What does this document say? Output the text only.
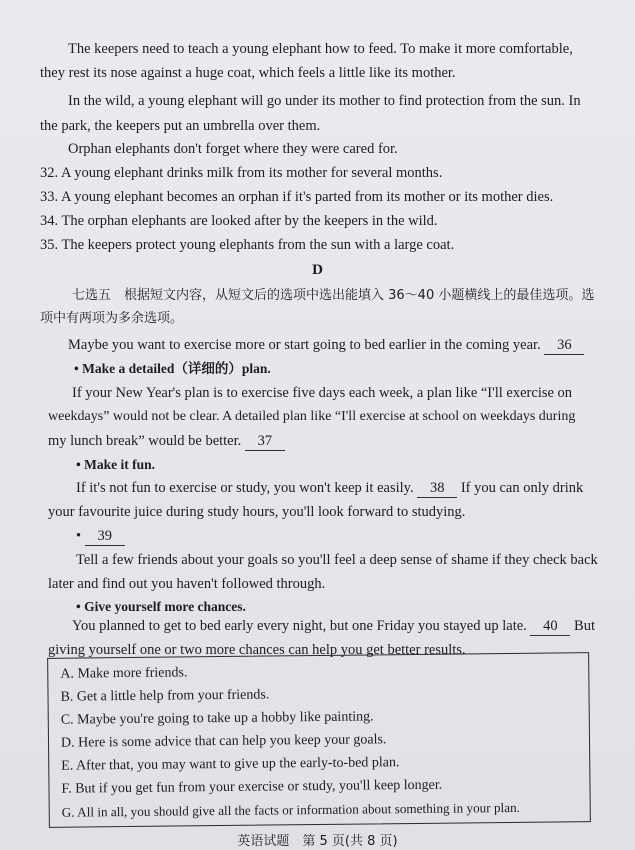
The keepers need to teach a young elephant how to feed. To make it more comfortable,
they rest its nose against a huge coat, which feels a little like its mother.
In the wild, a young elephant will go under its mother to find protection from the sun. In
the park, the keepers put an umbrella over them.
Orphan elephants don't forget where they were cared for.
32. A young elephant drinks milk from its mother for several months.
33. A young elephant becomes an orphan if it's parted from its mother or its mother dies.
34. The orphan elephants are looked after by the keepers in the wild.
35. The keepers protect young elephants from the sun with a large coat.
D
七选五　根据短文内容，从短文后的选项中选出能填入 36～40 小题横线上的最佳选项。选
项中有两项为多余选项。
Maybe you want to exercise more or start going to bed earlier in the coming year. 36
• Make a detailed（详细的）plan.
If your New Year's plan is to exercise five days each week, a plan like “I'll exercise on
weekdays” would not be clear. A detailed plan like “I'll exercise at school on weekdays during
my lunch break” would be better. 37
• Make it fun.
If it's not fun to exercise or study, you won't keep it easily. 38 If you can only drink
your favourite juice during study hours, you'll look forward to studying.
• 39
Tell a few friends about your goals so you'll feel a deep sense of shame if they check back
later and find out you haven't followed through.
• Give yourself more chances.
You planned to get to bed early every night, but one Friday you stayed up late. 40 But
giving yourself one or two more chances can help you get better results.
A. Make more friends.
B. Get a little help from your friends.
C. Maybe you're going to take up a hobby like painting.
D. Here is some advice that can help you keep your goals.
E. After that, you may want to give up the early-to-bed plan.
F. But if you get fun from your exercise or study, you'll keep longer.
G. All in all, you should give all the facts or information about something in your plan.
英语试题　第 5 页(共 8 页)
